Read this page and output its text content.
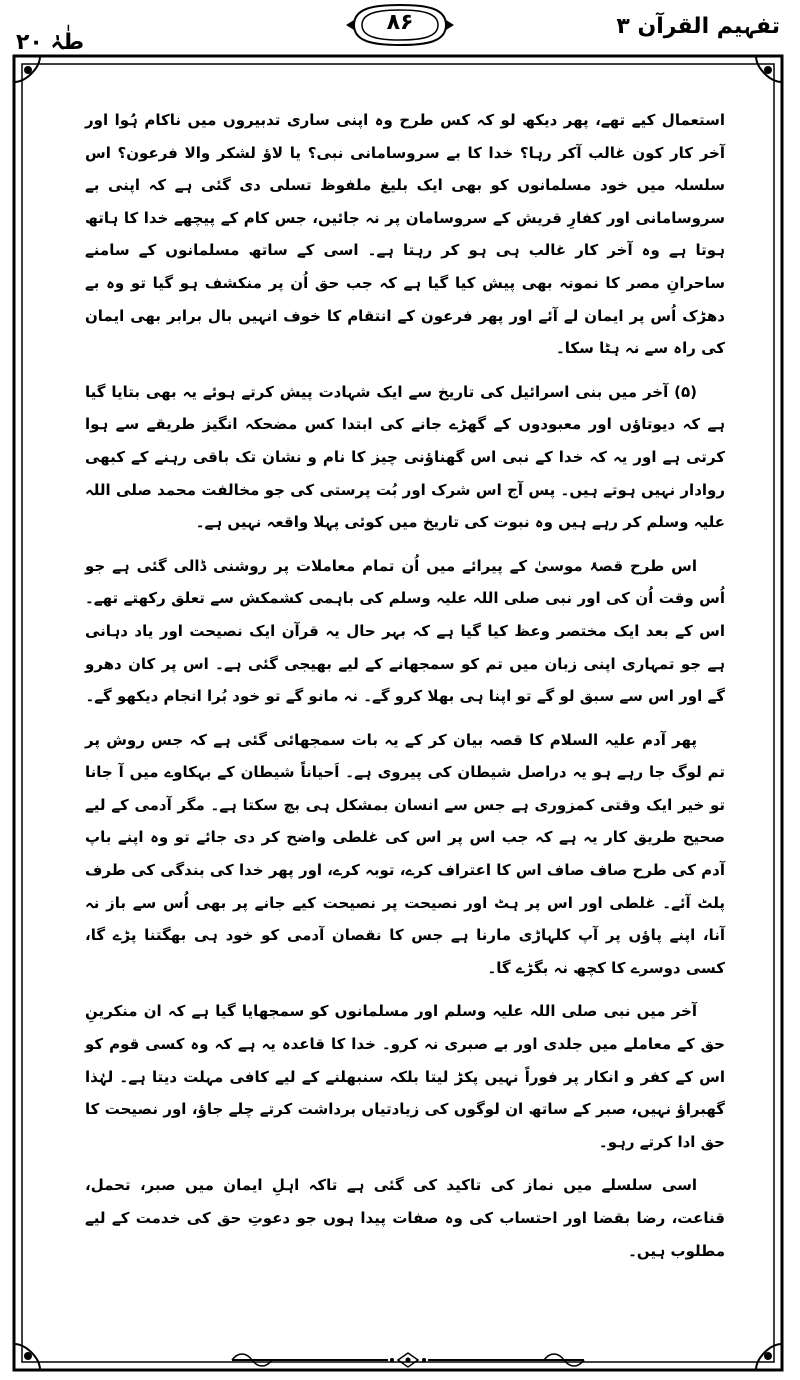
طٰہٰ ۲۰
۸۶	تفہیم القرآن ۳

استعمال کیے تھے، پھر دیکھ لو کہ کس طرح وہ اپنی ساری تدبیروں میں ناکام ہُوا اور آخر کار کون غالب آکر رہا؟ خدا کا بے سروسامانی نبی؟ یا لاؤ لشکر والا فرعون؟ اس سلسلہ میں خود مسلمانوں کو بھی ایک بلیغ ملفوظ تسلی دی گئی ہے کہ اپنی بے سروسامانی اور کفارِ قریش کے سروسامان پر نہ جائیں، جس کام کے پیچھے خدا کا ہاتھ ہوتا ہے وہ آخر کار غالب ہی ہو کر رہتا ہے۔ اسی کے ساتھ مسلمانوں کے سامنے ساحرانِ مصر کا نمونہ بھی پیش کیا گیا ہے کہ جب حق اُن پر منکشف ہو گیا تو وہ بے دھڑک اُس پر ایمان لے آئے اور پھر فرعون کے انتقام کا خوف انہیں بال برابر بھی ایمان کی راہ سے نہ ہٹا سکا۔

(۵) آخر میں بنی اسرائیل کی تاریخ سے ایک شہادت پیش کرتے ہوئے یہ بھی بتایا گیا ہے کہ دیوتاؤں اور معبودوں کے گھڑے جانے کی ابتدا کس مضحکہ انگیز طریقے سے ہوا کرتی ہے اور یہ کہ خدا کے نبی اس گھناؤنی چیز کا نام و نشان تک باقی رہنے کے کبھی روادار نہیں ہوتے ہیں۔ پس آج اس شرک اور بُت پرستی کی جو مخالفت محمد صلی اللہ علیہ وسلم کر رہے ہیں وہ نبوت کی تاریخ میں کوئی پہلا واقعہ نہیں ہے۔

اس طرح قصۂ موسیٰ کے پیرائے میں اُن تمام معاملات پر روشنی ڈالی گئی ہے جو اُس وقت اُن کی اور نبی صلی اللہ علیہ وسلم کی باہمی کشمکش سے تعلق رکھتے تھے۔ اس کے بعد ایک مختصر وعظ کیا گیا ہے کہ بہر حال یہ قرآن ایک نصیحت اور یاد دہانی ہے جو تمہاری اپنی زبان میں تم کو سمجھانے کے لیے بھیجی گئی ہے۔ اس پر کان دھرو گے اور اس سے سبق لو گے تو اپنا ہی بھلا کرو گے۔ نہ مانو گے تو خود بُرا انجام دیکھو گے۔

پھر آدم علیہ السلام کا قصہ بیان کر کے یہ بات سمجھائی گئی ہے کہ جس روش پر تم لوگ جا رہے ہو یہ دراصل شیطان کی پیروی ہے۔ اَحیاناً شیطان کے بہکاوے میں آ جانا تو خیر ایک وقتی کمزوری ہے جس سے انسان بمشکل ہی بچ سکتا ہے۔ مگر آدمی کے لیے صحیح طریق کار یہ ہے کہ جب اس پر اس کی غلطی واضح کر دی جائے تو وہ اپنے باپ آدم کی طرح صاف صاف اس کا اعتراف کرے، توبہ کرے، اور پھر خدا کی بندگی کی طرف پلٹ آئے۔ غلطی اور اس پر ہٹ اور نصیحت پر نصیحت کیے جانے پر بھی اُس سے باز نہ آنا، اپنے پاؤں پر آپ کلہاڑی مارنا ہے جس کا نقصان آدمی کو خود ہی بھگتنا پڑے گا، کسی دوسرے کا کچھ نہ بگڑے گا۔

آخر میں نبی صلی اللہ علیہ وسلم اور مسلمانوں کو سمجھایا گیا ہے کہ ان منکرینِ حق کے معاملے میں جلدی اور بے صبری نہ کرو۔ خدا کا قاعدہ یہ ہے کہ وہ کسی قوم کو اس کے کفر و انکار پر فوراً نہیں پکڑ لیتا بلکہ سنبھلنے کے لیے کافی مہلت دیتا ہے۔ لہٰذا گھبراؤ نہیں، صبر کے ساتھ ان لوگوں کی زیادتیاں برداشت کرتے چلے جاؤ، اور نصیحت کا حق ادا کرتے رہو۔

اسی سلسلے میں نماز کی تاکید کی گئی ہے تاکہ اہلِ ایمان میں صبر، تحمل، قناعت، رضا بقضا اور احتساب کی وہ صفات پیدا ہوں جو دعوتِ حق کی خدمت کے لیے مطلوب ہیں۔
